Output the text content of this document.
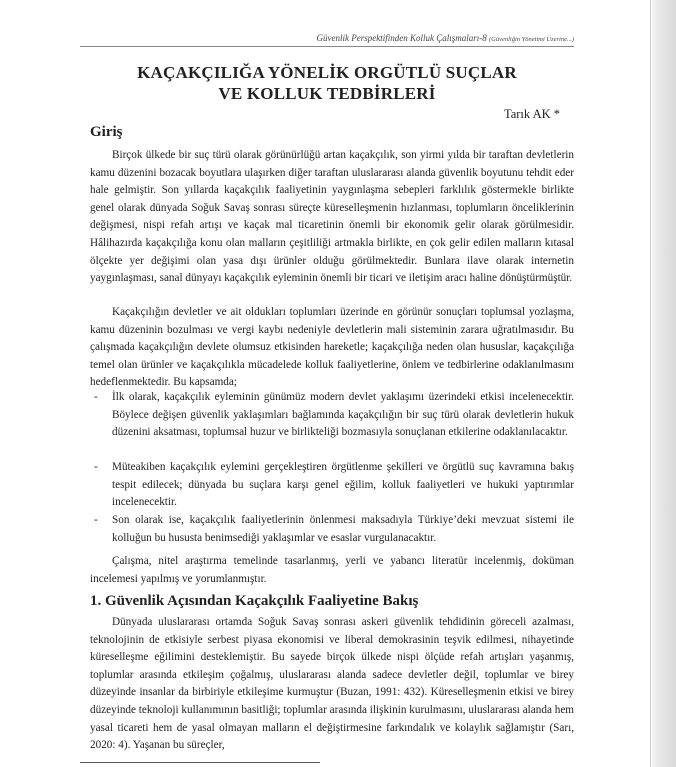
Güvenlik Perspektifinden Kolluk Çalışmaları-8 (Güvenliğin Yönetimi Üzerine...)
KAÇAKÇILIĞA YÖNELİK ORGÜTLÜ SUÇLAR
VE KOLLUK TEDBİRLERİ
Tarık AK *
Giriş

Birçok ülkede bir suç türü olarak görünürlüğü artan kaçakçılık, son yirmi yılda bir taraftan devletlerin kamu düzenini bozacak boyutlara ulaşırken diğer taraftan uluslararası alanda güvenlik boyutunu tehdit eder hale gelmiştir. Son yıllarda kaçakçılık faaliyetinin yaygınlaşma sebepleri farklılık göstermekle birlikte genel olarak dünyada Soğuk Savaş sonrası süreçte küreselleşmenin hızlanması, toplumların önceliklerinin değişmesi, nispi refah artışı ve kaçak mal ticaretinin önemli bir ekonomik gelir olarak görülmesidir. Hâlihazırda kaçakçılığa konu olan malların çeşitliliği artmakla birlikte, en çok gelir edilen malların kıtasal ölçekte yer değişimi olan yasa dışı ürünler olduğu görülmektedir. Bunlara ilave olarak internetin yaygınlaşması, sanal dünyayı kaçakçılık eyleminin önemli bir ticari ve iletişim aracı haline dönüştürmüştür.

Kaçakçılığın devletler ve ait oldukları toplumları üzerinde en görünür sonuçları toplumsal yozlaşma, kamu düzeninin bozulması ve vergi kaybı nedeniyle devletlerin mali sisteminin zarara uğratılmasıdır. Bu çalışmada kaçakçılığın devlete olumsuz etkisinden hareketle; kaçakçılığa neden olan hususlar, kaçakçılığa temel olan ürünler ve kaçakçılıkla mücadelede kolluk faaliyetlerine, önlem ve tedbirlerine odaklanılmasını hedeflenmektedir. Bu kapsamda;

- İlk olarak, kaçakçılık eyleminin günümüz modern devlet yaklaşımı üzerindeki etkisi incelenecektir. Böylece değişen güvenlik yaklaşımları bağlamında kaçakçılığın bir suç türü olarak devletlerin hukuk düzenini aksatması, toplumsal huzur ve birlikteliği bozmasıyla sonuçlanan etkilerine odaklanılacaktır.

- Müteakiben kaçakçılık eylemini gerçekleştiren örgütlenme şekilleri ve örgütlü suç kavramına bakış tespit edilecek; dünyada bu suçlara karşı genel eğilim, kolluk faaliyetleri ve hukuki yaptırımlar incelenecektir.

- Son olarak ise, kaçakçılık faaliyetlerinin önlenmesi maksadıyla Türkiye’deki mevzuat sistemi ile kolluğun bu hususta benimsediği yaklaşımlar ve esaslar vurgulanacaktır.

Çalışma, nitel araştırma temelinde tasarlanmış, yerli ve yabancı literatür incelenmiş, doküman incelemesi yapılmış ve yorumlanmıştır.

1. Güvenlik Açısından Kaçakçılık Faaliyetine Bakış

Dünyada uluslararası ortamda Soğuk Savaş sonrası askeri güvenlik tehdidinin göreceli azalması, teknolojinin de etkisiyle serbest piyasa ekonomisi ve liberal demokrasinin teşvik edilmesi, nihayetinde küreselleşme eğilimini desteklemiştir. Bu sayede birçok ülkede nispi ölçüde refah artışları yaşanmış, toplumlar arasında etkileşim çoğalmış, uluslararası alanda sadece devletler değil, toplumlar ve birey düzeyinde insanlar da birbiriyle etkileşime kurmuştur (Buzan, 1991: 432). Küreselleşmenin etkisi ve birey düzeyinde teknoloji kullanımının basitliği; toplumlar arasında ilişkinin kurulmasını, uluslararası alanda hem yasal ticareti hem de yasal olmayan malların el değiştirmesine farkındalık ve kolaylık sağlamıştır (Sarı, 2020: 4). Yaşanan bu süreçler,
